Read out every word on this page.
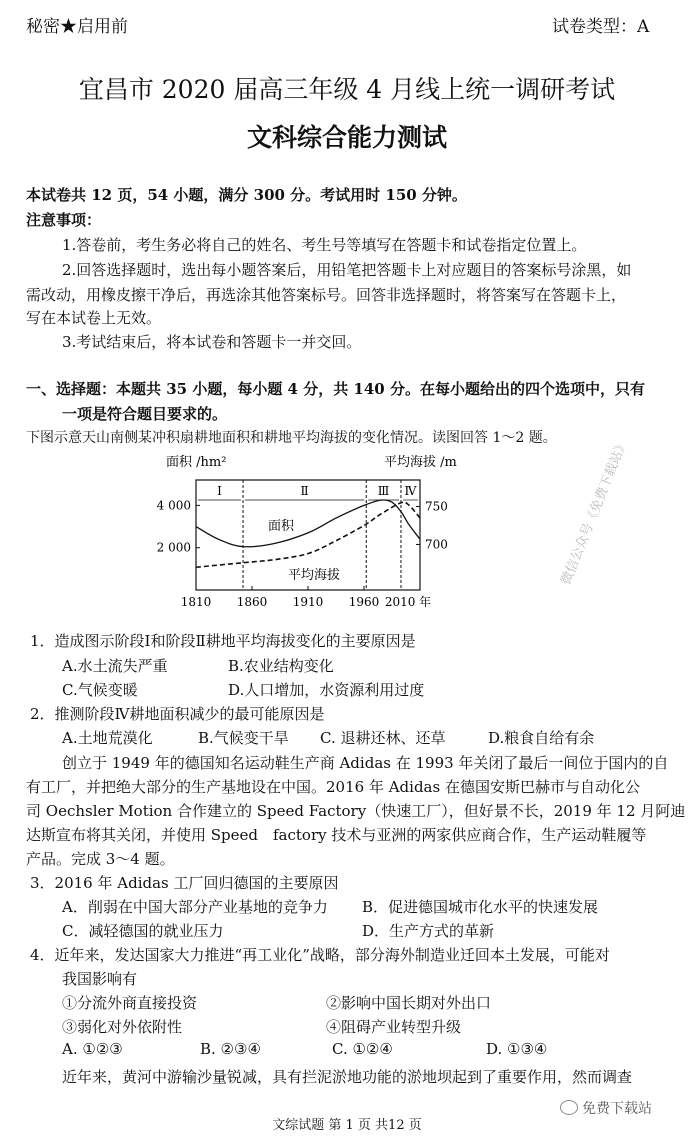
秘密★启用前	试卷类型：A
宜昌市 2020 届高三年级 4 月线上统一调研考试
文科综合能力测试
本试卷共 12 页，54 小题，满分 300 分。考试用时 150 分钟。
注意事项：
1.答卷前，考生务必将自己的姓名、考生号等填写在答题卡和试卷指定位置上。
2.回答选择题时，选出每小题答案后，用铅笔把答题卡上对应题目的答案标号涂黑，如
需改动，用橡皮擦干净后，再选涂其他答案标号。回答非选择题时，将答案写在答题卡上，
写在本试卷上无效。
3.考试结束后，将本试卷和答题卡一并交回。
一、选择题：本题共 35 小题，每小题 4 分，共 140 分。在每小题给出的四个选项中，只有
一项是符合题目要求的。
下图示意天山南侧某冲积扇耕地面积和耕地平均海拔的变化情况。读图回答 1～2 题。
面积 /hm²	平均海拔 /m
Ⅰ	Ⅱ	Ⅲ Ⅳ
1810 1860 1910 1960 2010 年
4 000
2 000
750
700
面积
平均海拔
1．造成图示阶段Ⅰ和阶段Ⅱ耕地平均海拔变化的主要原因是
A.水土流失严重	B.农业结构变化
C.气候变暖	D.人口增加，水资源利用过度
2．推测阶段Ⅳ耕地面积减少的最可能原因是
A.土地荒漠化	B.气候变干旱 C. 退耕还林、还草	D.粮食自给有余
创立于 1949 年的德国知名运动鞋生产商 Adidas 在 1993 年关闭了最后一间位于国内的自
有工厂，并把绝大部分的生产基地设在中国。2016 年 Adidas 在德国安斯巴赫市与自动化公
司 Oechsler Motion 合作建立的 Speed Factory（快速工厂），但好景不长，2019 年 12 月阿迪
达斯宣布将其关闭，并使用 Speed　factory 技术与亚洲的两家供应商合作，生产运动鞋履等
产品。完成 3～4 题。
3．2016 年 Adidas 工厂回归德国的主要原因
A．削弱在中国大部分产业基地的竞争力 B．促进德国城市化水平的快速发展
C．减轻德国的就业压力	D．生产方式的革新
4．近年来，发达国家大力推进“再工业化”战略，部分海外制造业迁回本土发展，可能对
我国影响有
①分流外商直接投资	②影响中国长期对外出口
③弱化对外依附性	④阻碍产业转型升级
A. ①②③	B. ②③④	C. ①②④	D. ①③④
近年来，黄河中游输沙量锐减，具有拦泥淤地功能的淤地坝起到了重要作用，然而调查
文综试题 第 1 页 共12 页
微信公众号《免费下载站》
免费下载站
